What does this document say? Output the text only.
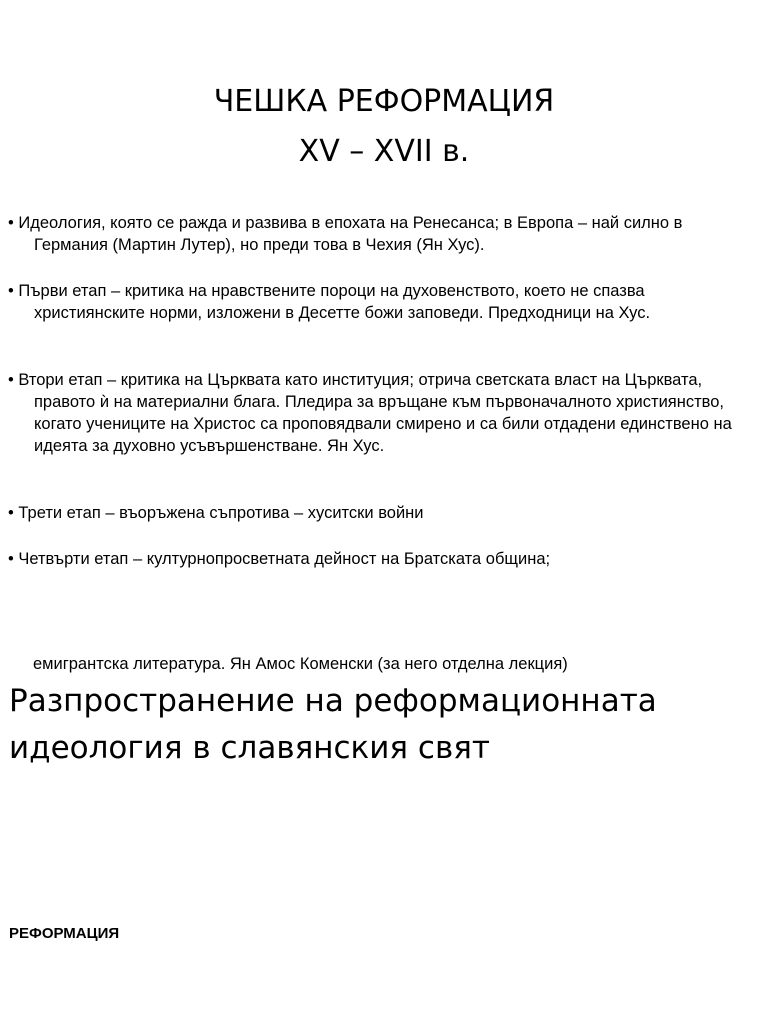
ЧЕШКА РЕФОРМАЦИЯ
XV – XVII в.
• Идеология, която се ражда и развива в епохата на Ренесанса; в Европа – най силно в Германия (Мартин Лутер), но преди това в Чехия (Ян Хус).
• Първи етап – критика на нравствените пороци на духовенството, което не спазва християнските норми, изложени в Десетте божи заповеди. Предходници на Хус.
• Втори етап – критика на Църквата като институция; отрича светската власт на Църквата, правото ѝ на материални блага. Пледира за връщане към първоначалното християнство, когато учениците на Христос са проповядвали смирено и са били отдадени единствено на идеята за духовно усъвършенстване. Ян Хус.
• Трети етап – въоръжена съпротива – хуситски войни
• Четвърти етап – културнопросветната дейност на Братската община;
емигрантска литература. Ян Амос Коменски (за него отделна лекция)
Разпространение на реформационната идеология в славянския свят
РЕФОРМАЦИЯ
